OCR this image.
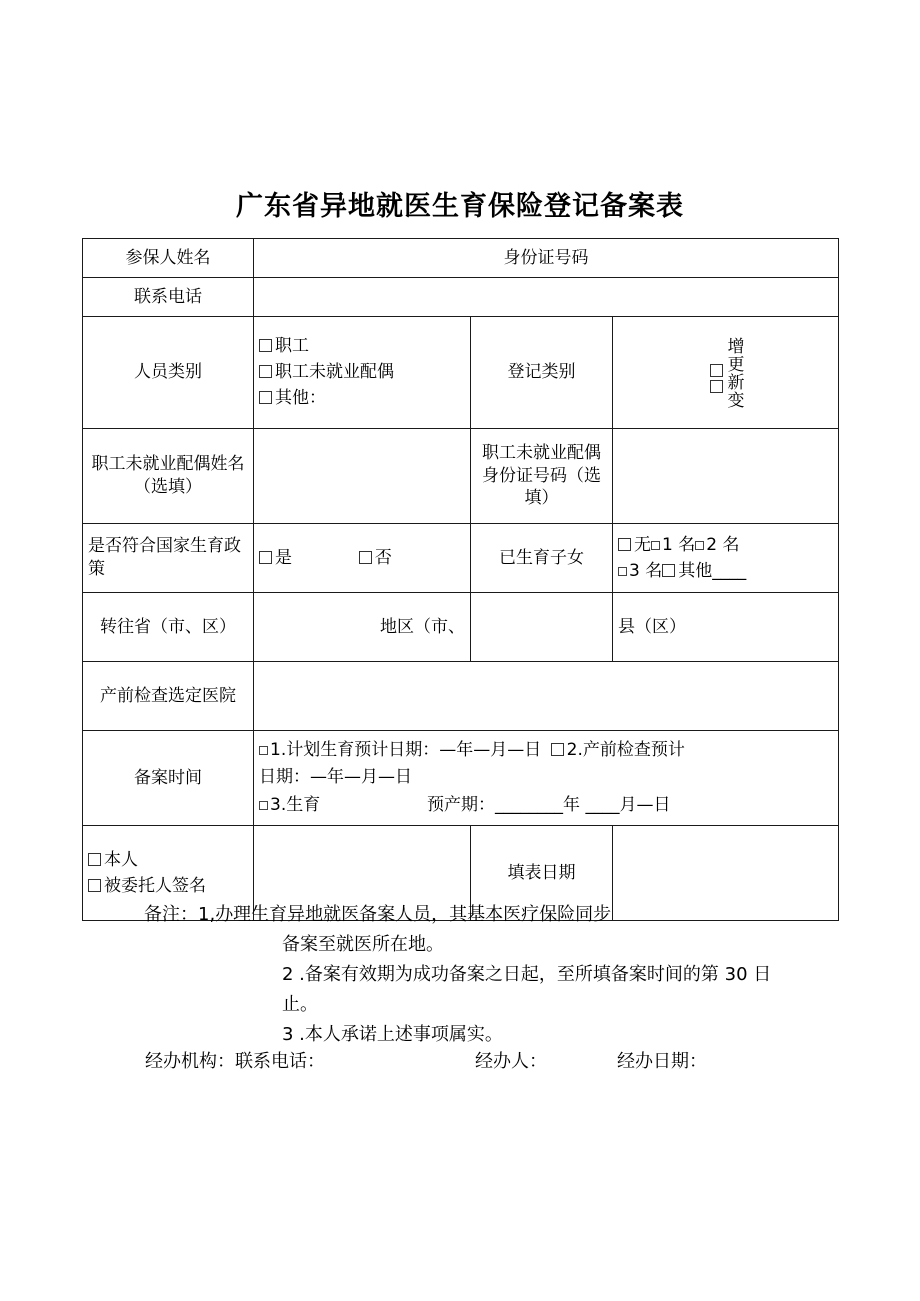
广东省异地就医生育保险登记备案表
参保人姓名	身份证号码		
联系电话			
人员类别	职工
职工未就业配偶
其他：	登记类别	增更新变

职工未就业配偶姓名（选填）		职工未就业配偶身份证号码（选填）	
是否符合国家生育政策	是 否	已生育子女	无 1 名 2 名
3 名 其他____

转往省（市、区）	地区（市、		县（区）
产前检查选定医院			
备案时间	1.计划生育预计日期：—年—月—日 2.产前检查预计
日期：—年—月—日
3.生育 预产期：________年 ____月—日		

本人
被委托人签名		填表日期	
备注：1,办理生育异地就医备案人员，其基本医疗保险同步
备案至就医所在地。
2 .备案有效期为成功备案之日起，至所填备案时间的第 30 日
止。
3 .本人承诺上述事项属实。
经办机构：联系电话：	经办人：	经办日期：
